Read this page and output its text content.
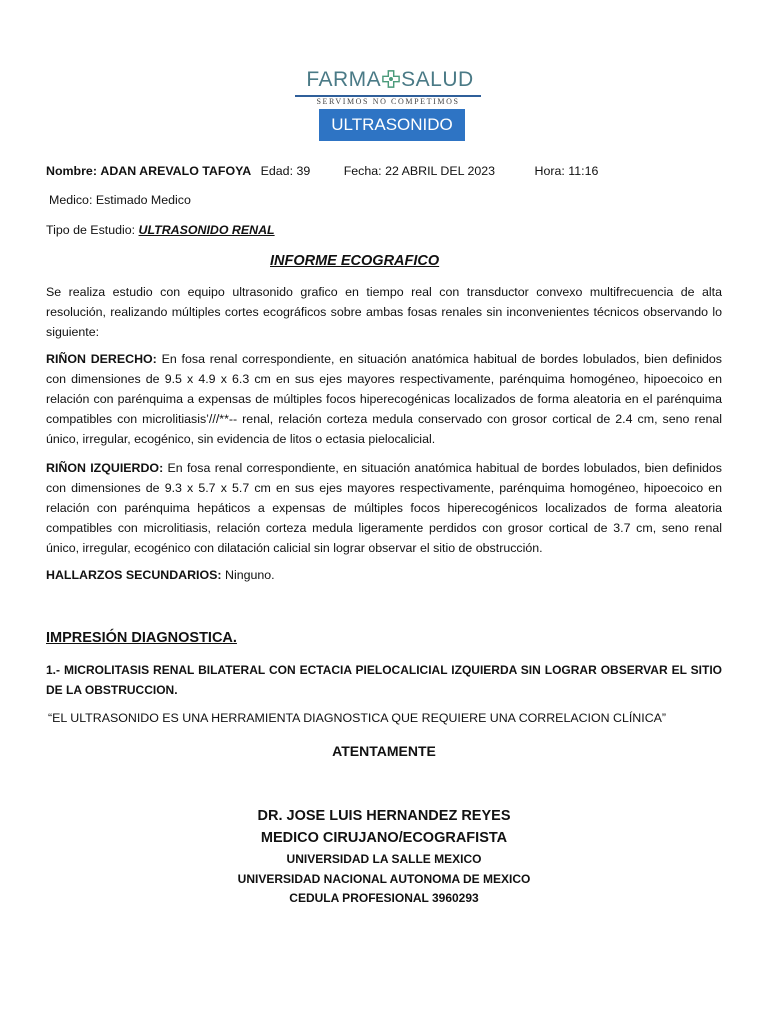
FARMA SALUD
SERVIMOS NO COMPETIMOS
ULTRASONIDO
Nombre: ADAN AREVALO TAFOYA Edad: 39	Fecha: 22 ABRIL DEL 2023	Hora: 11:16
Medico: Estimado Medico
Tipo de Estudio: ULTRASONIDO RENAL
INFORME ECOGRAFICO
Se realiza estudio con equipo ultrasonido grafico en tiempo real con transductor convexo multifrecuencia de alta resolución, realizando múltiples cortes ecográficos sobre ambas fosas renales sin inconvenientes técnicos observando lo siguiente:
RIÑON DERECHO: En fosa renal correspondiente, en situación anatómica habitual de bordes lobulados, bien definidos con dimensiones de 9.5 x 4.9 x 6.3 cm en sus ejes mayores respectivamente, parénquima homogéneo, hipoecoico en relación con parénquima a expensas de múltiples focos hiperecogénicas localizados de forma aleatoria en el parénquima compatibles con microlitiasis’///**-- renal, relación corteza medula conservado con grosor cortical de 2.4 cm, seno renal único, irregular, ecogénico, sin evidencia de litos o ectasia pielocalicial.
RIÑON IZQUIERDO: En fosa renal correspondiente, en situación anatómica habitual de bordes lobulados, bien definidos con dimensiones de 9.3 x 5.7 x 5.7 cm en sus ejes mayores respectivamente, parénquima homogéneo, hipoecoico en relación con parénquima hepáticos a expensas de múltiples focos hiperecogénicos localizados de forma aleatoria compatibles con microlitiasis, relación corteza medula ligeramente perdidos con grosor cortical de 3.7 cm, seno renal único, irregular, ecogénico con dilatación calicial sin lograr observar el sitio de obstrucción.
HALLARZOS SECUNDARIOS: Ninguno.
IMPRESIÓN DIAGNOSTICA.
1.- MICROLITASIS RENAL BILATERAL CON ECTACIA PIELOCALICIAL IZQUIERDA SIN LOGRAR OBSERVAR EL SITIO DE LA OBSTRUCCION.
“EL ULTRASONIDO ES UNA HERRAMIENTA DIAGNOSTICA QUE REQUIERE UNA CORRELACION CLÍNICA”
ATENTAMENTE
DR. JOSE LUIS HERNANDEZ REYES
MEDICO CIRUJANO/ECOGRAFISTA
UNIVERSIDAD LA SALLE MEXICO
UNIVERSIDAD NACIONAL AUTONOMA DE MEXICO
CEDULA PROFESIONAL 3960293
